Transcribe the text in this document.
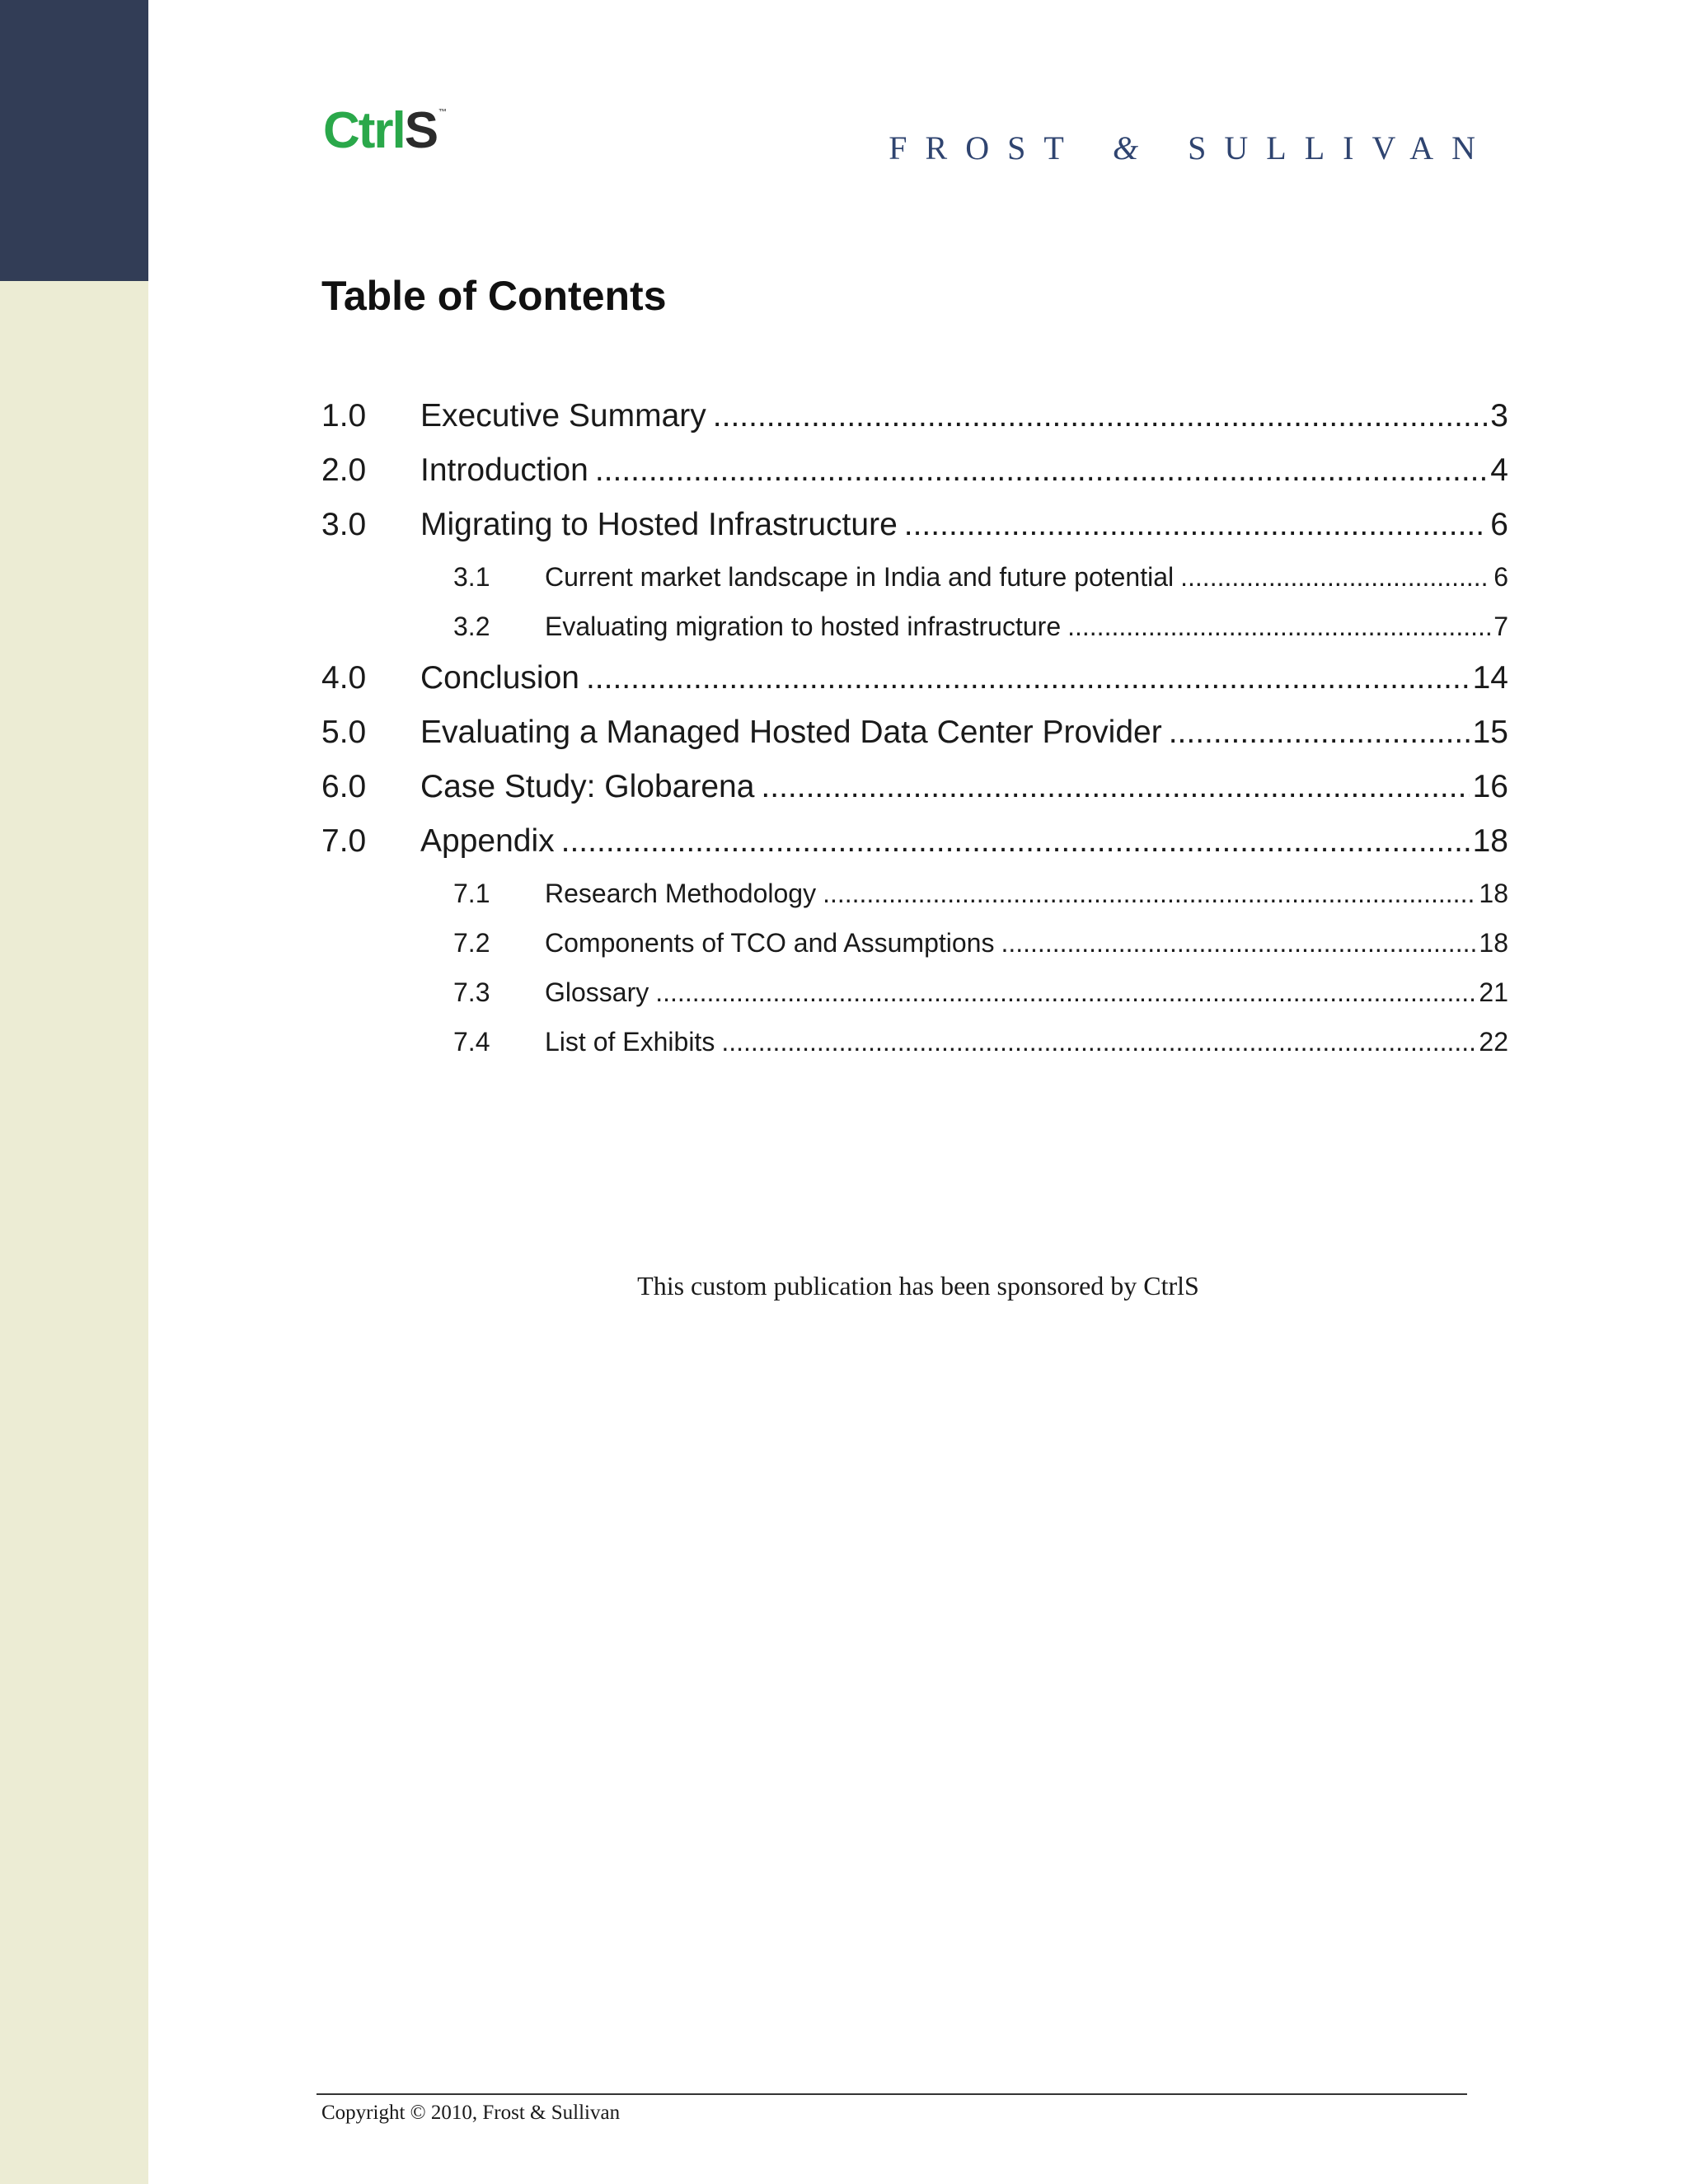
CtrlS ™
FROST & SULLIVAN
Table of Contents
1.0	Executive Summary .....	3
2.0	Introduction .....	4
3.0	Migrating to Hosted Infrastructure .....	6
3.1	Current market landscape in India and future potential .....	6
3.2	Evaluating migration to hosted infrastructure .....	7
4.0	Conclusion .....	14
5.0	Evaluating a Managed Hosted Data Center Provider .....	15
6.0	Case Study: Globarena .....	16
7.0	Appendix .....	18
7.1	Research Methodology .....	18
7.2	Components of TCO and Assumptions .....	18
7.3	Glossary .....	21
7.4	List of Exhibits .....	22
This custom publication has been sponsored by CtrlS
Copyright © 2010, Frost & Sullivan
